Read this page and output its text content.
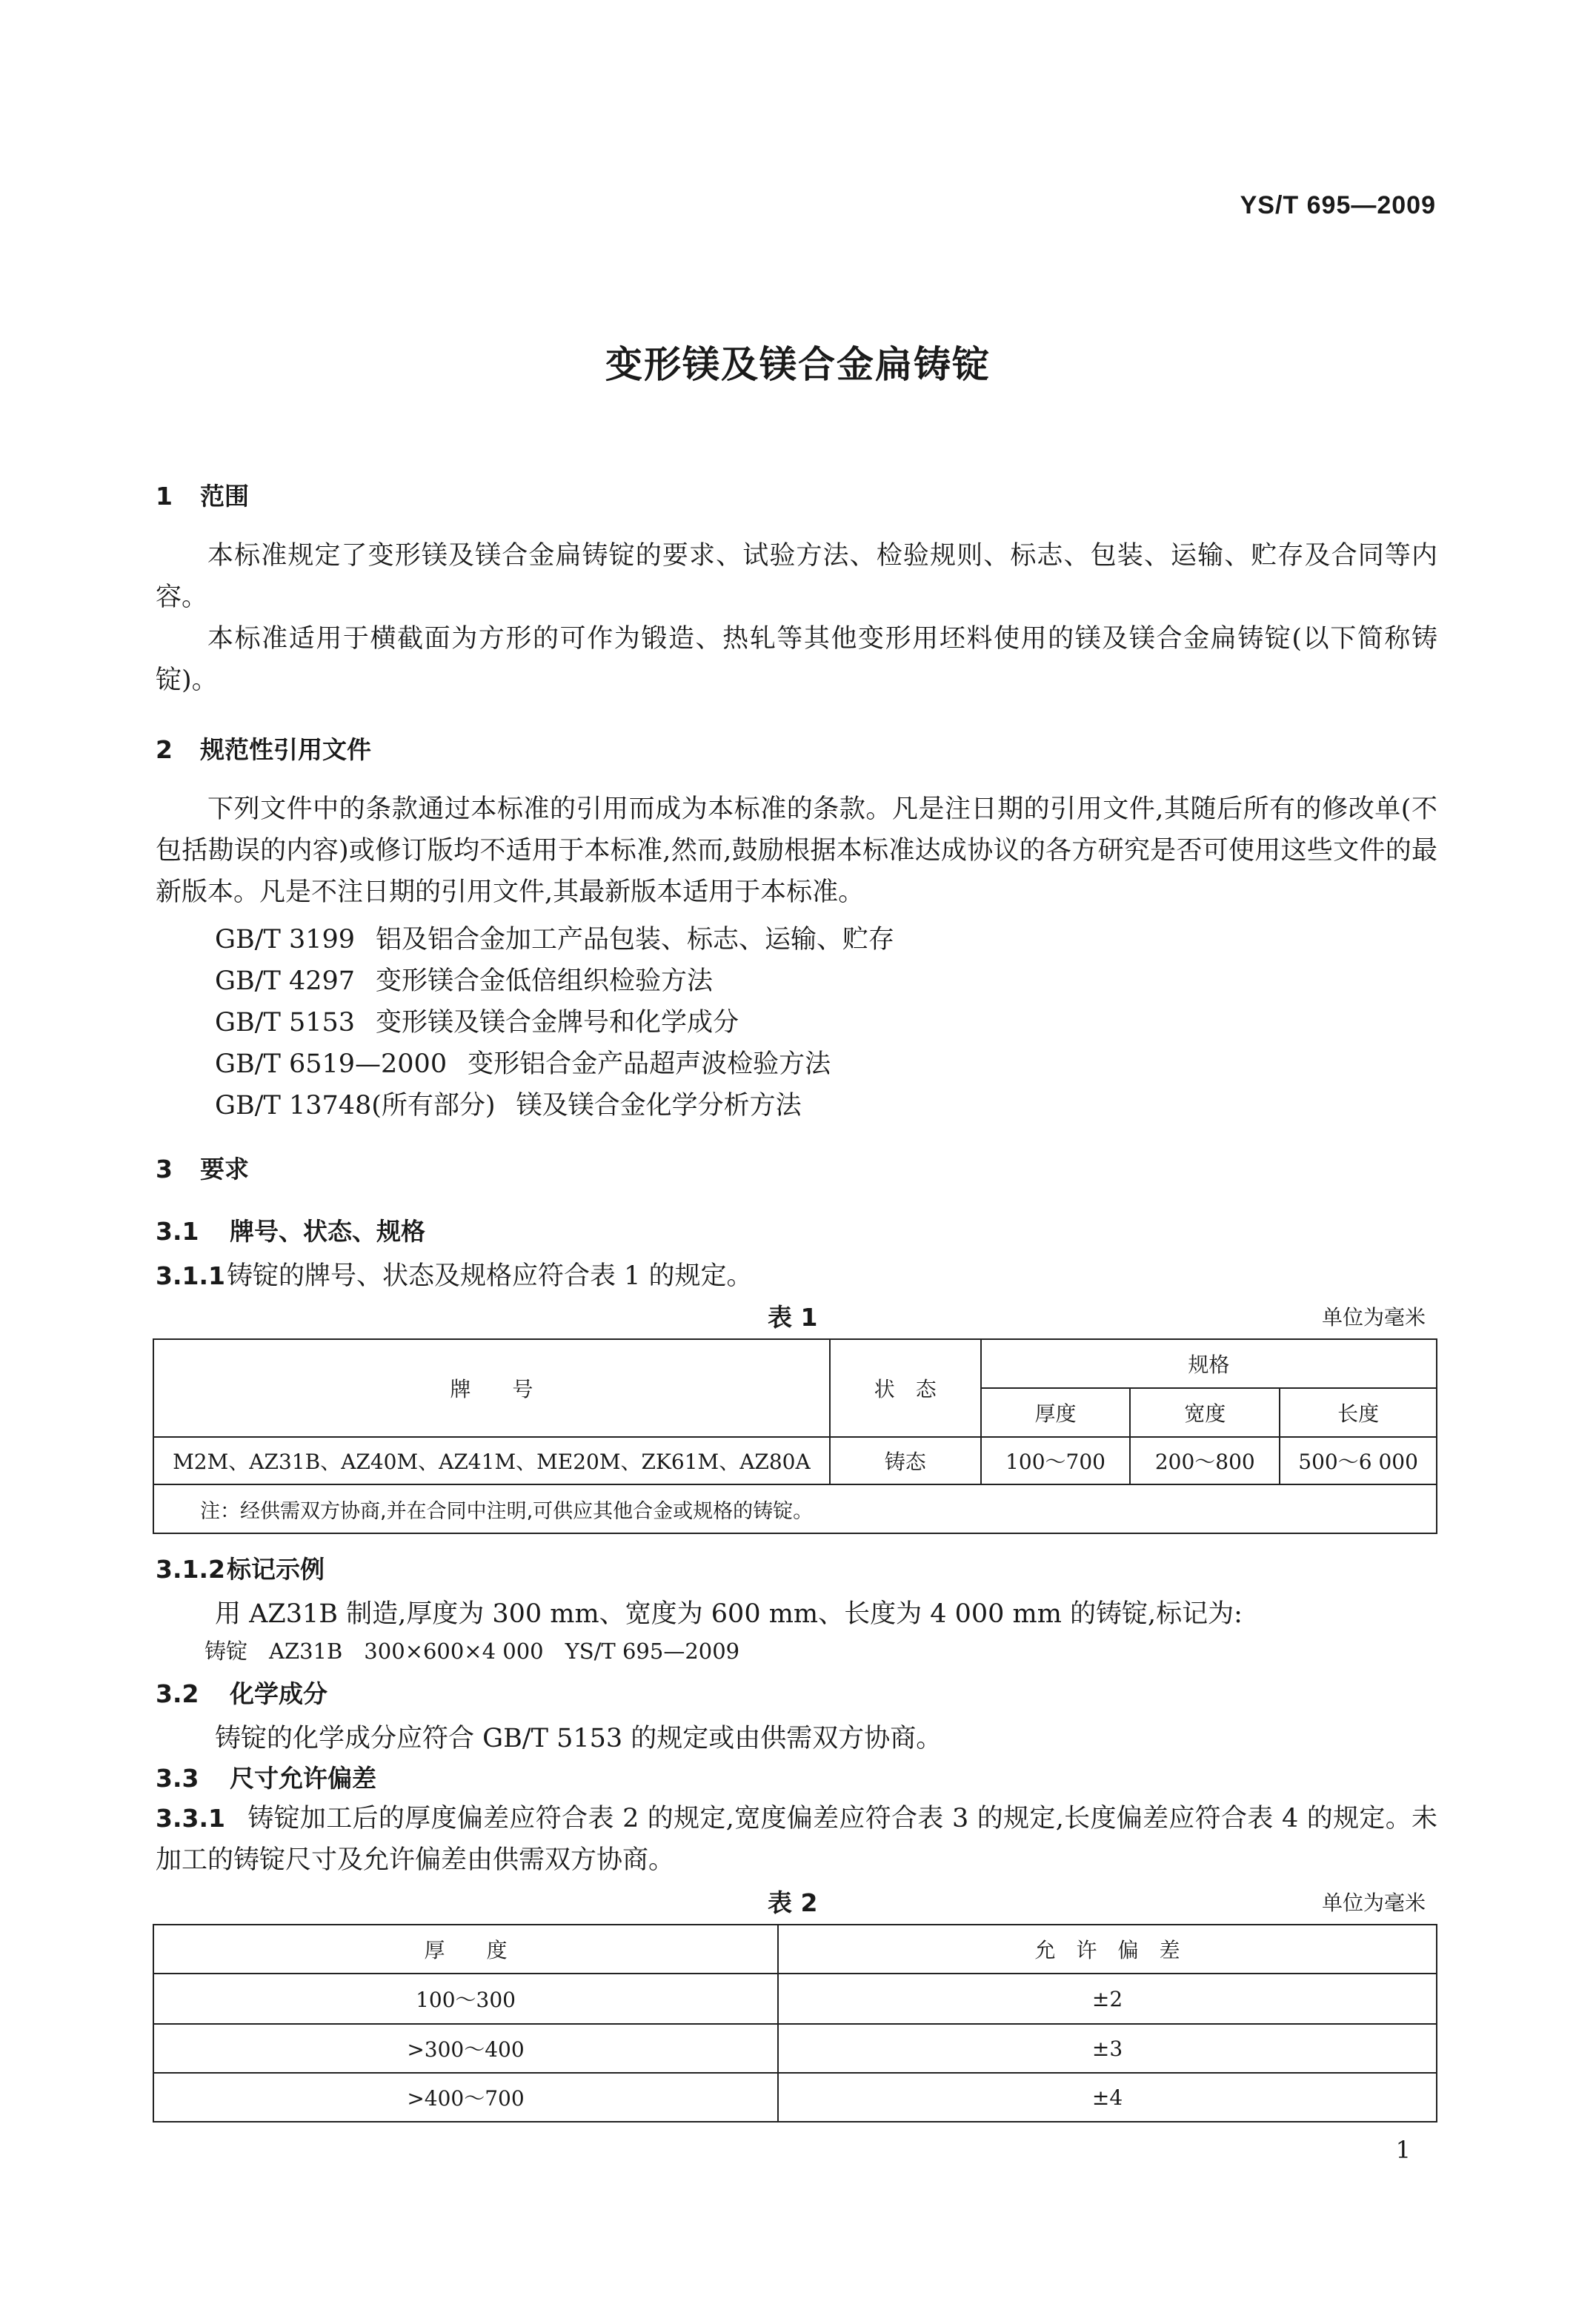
YS/T 695—2009
变形镁及镁合金扁铸锭
1 范围
本标准规定了变形镁及镁合金扁铸锭的要求、试验方法、检验规则、标志、包装、运输、贮存及合同等内容。
本标准适用于横截面为方形的可作为锻造、热轧等其他变形用坯料使用的镁及镁合金扁铸锭(以下简称铸锭)。
2 规范性引用文件
下列文件中的条款通过本标准的引用而成为本标准的条款。凡是注日期的引用文件,其随后所有的修改单(不包括勘误的内容)或修订版均不适用于本标准,然而,鼓励根据本标准达成协议的各方研究是否可使用这些文件的最新版本。凡是不注日期的引用文件,其最新版本适用于本标准。
GB/T 3199 铝及铝合金加工产品包装、标志、运输、贮存
GB/T 4297 变形镁合金低倍组织检验方法
GB/T 5153 变形镁及镁合金牌号和化学成分
GB/T 6519—2000 变形铝合金产品超声波检验方法
GB/T 13748(所有部分) 镁及镁合金化学分析方法
3 要求
3.1 牌号、状态、规格
3.1.1铸锭的牌号、状态及规格应符合表 1 的规定。
表 1	单位为毫米
牌　　号	状　态	规格		
		厚度	宽度	长度
M2M、AZ31B、AZ40M、AZ41M、ME20M、ZK61M、AZ80A	铸态	100～700	200～800	500～6 000
注：经供需双方协商,并在合同中注明,可供应其他合金或规格的铸锭。				
3.1.2标记示例
用 AZ31B 制造,厚度为 300 mm、宽度为 600 mm、长度为 4 000 mm 的铸锭,标记为:
铸锭　AZ31B　300×600×4 000　YS/T 695—2009
3.2 化学成分
铸锭的化学成分应符合 GB/T 5153 的规定或由供需双方协商。
3.3 尺寸允许偏差
3.3.1 铸锭加工后的厚度偏差应符合表 2 的规定,宽度偏差应符合表 3 的规定,长度偏差应符合表 4 的规定。未加工的铸锭尺寸及允许偏差由供需双方协商。
表 2	单位为毫米
厚　　度	允　许　偏　差
100～300	±2
>300～400	±3
>400～700	±4
1
